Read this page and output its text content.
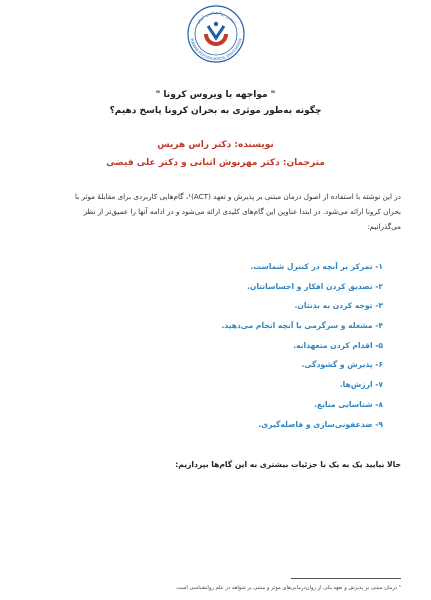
انجمن روانشناسی ایران
IRANIAN PSYCHOLOGICAL ASSOCIATION
" مواجهه با ویروس کرونا "
چگونه به‌طور موثری به بحران کرونا پاسخ دهیم؟
نویسنده: دکتر راس هریس
مترجمان: دکتر مهرنوش اثباتی و دکتر علی فیضی
در این نوشته با استفاده از اصول درمان مبتنی بر پذیرش و تعهد (ACT)¹، گام‌هایی کاربردی برای مقابلهٔ موثر با
بحران کرونا ارائه می‌شود. در ابتدا عناوین این گام‌های کلیدی ارائه می‌شود و در ادامه آنها را عمیق‌تر از نظر
می‌گذرانیم:
۱- تمرکز بر آنچه در کنترل شماست.
۲- تصدیق کردن افکار و احساساتتان.
۳- توجه کردن به بدنتان.
۴- مشغله و سرگرمی با آنچه انجام می‌دهید.
۵- اقدام کردن متعهدانه.
۶- پذیرش و گشودگی.
۷- ارزش‌ها.
۸- شناسایی منابع.
۹- ضدعفونی‌سازی و فاصله‌گیری.
حالا بیایید یک به یک با جزئیات بیشتری به این گام‌ها بپردازیم:
¹ درمان مبتنی بر پذیرش و تعهد یکی از روان‌درمانی‌های موثر و مبتنی بر شواهد در علم روانشناسی است.
